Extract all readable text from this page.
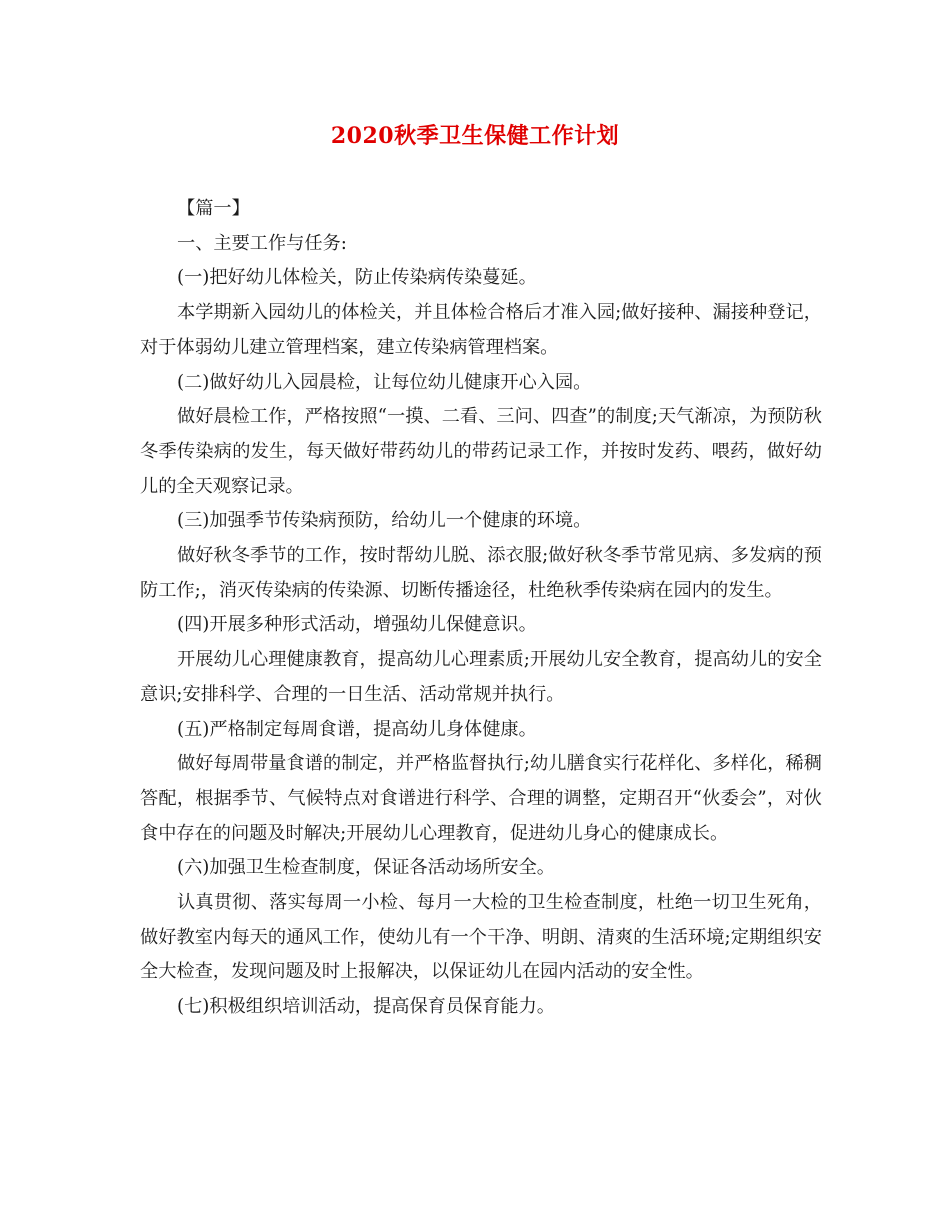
2020秋季卫生保健工作计划

【篇一】

一、主要工作与任务:

(一)把好幼儿体检关，防止传染病传染蔓延。

本学期新入园幼儿的体检关，并且体检合格后才准入园;做好接种、漏接种登记，对于体弱幼儿建立管理档案，建立传染病管理档案。

(二)做好幼儿入园晨检，让每位幼儿健康开心入园。

做好晨检工作，严格按照“一摸、二看、三问、四查”的制度;天气渐凉，为预防秋冬季传染病的发生，每天做好带药幼儿的带药记录工作，并按时发药、喂药，做好幼儿的全天观察记录。

(三)加强季节传染病预防，给幼儿一个健康的环境。

做好秋冬季节的工作，按时帮幼儿脱、添衣服;做好秋冬季节常见病、多发病的预防工作;，消灭传染病的传染源、切断传播途径，杜绝秋季传染病在园内的发生。

(四)开展多种形式活动，增强幼儿保健意识。

开展幼儿心理健康教育，提高幼儿心理素质;开展幼儿安全教育，提高幼儿的安全意识;安排科学、合理的一日生活、活动常规并执行。

(五)严格制定每周食谱，提高幼儿身体健康。

做好每周带量食谱的制定，并严格监督执行;幼儿膳食实行花样化、多样化，稀稠答配，根据季节、气候特点对食谱进行科学、合理的调整，定期召开“伙委会”，对伙食中存在的问题及时解决;开展幼儿心理教育，促进幼儿身心的健康成长。

(六)加强卫生检查制度，保证各活动场所安全。

认真贯彻、落实每周一小检、每月一大检的卫生检查制度，杜绝一切卫生死角，做好教室内每天的通风工作，使幼儿有一个干净、明朗、清爽的生活环境;定期组织安全大检查，发现问题及时上报解决，以保证幼儿在园内活动的安全性。

(七)积极组织培训活动，提高保育员保育能力。
